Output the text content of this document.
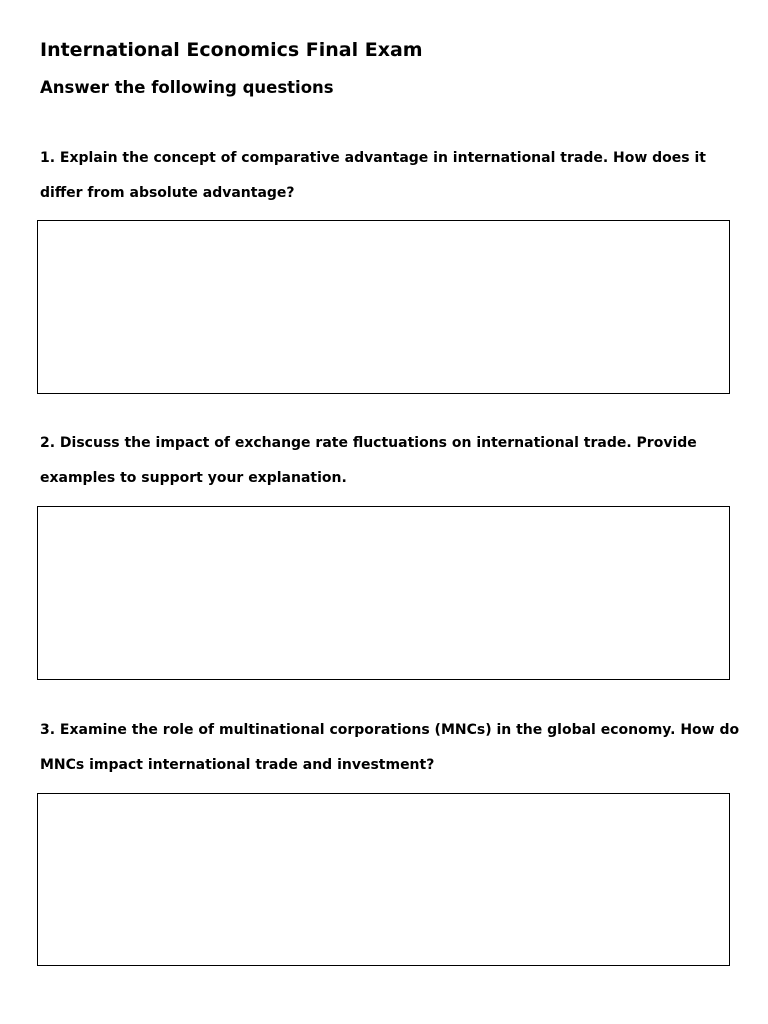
International Economics Final Exam
Answer the following questions

1. Explain the concept of comparative advantage in international trade. How does it differ from absolute advantage?

2. Discuss the impact of exchange rate fluctuations on international trade. Provide examples to support your explanation.

3. Examine the role of multinational corporations (MNCs) in the global economy. How do MNCs impact international trade and investment?
